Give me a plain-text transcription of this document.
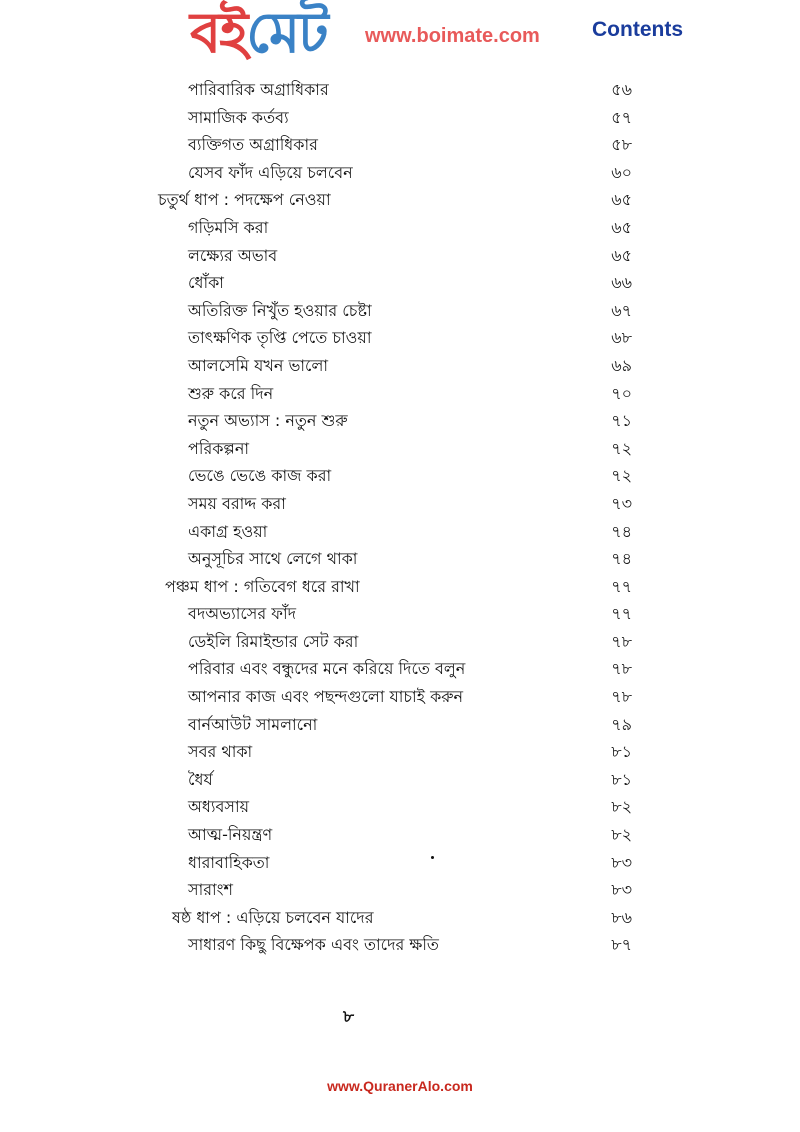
Contents
বইমেট www.boimate.com
পারিবারিক অগ্রাধিকার	৫৬
সামাজিক কর্তব্য	৫৭
ব্যক্তিগত অগ্রাধিকার	৫৮
যেসব ফাঁদ এড়িয়ে চলবেন	৬০
চতুর্থ ধাপ : পদক্ষেপ নেওয়া	৬৫
গড়িমসি করা	৬৫
লক্ষ্যের অভাব	৬৫
ধোঁকা	৬৬
অতিরিক্ত নিখুঁত হওয়ার চেষ্টা	৬৭
তাৎক্ষণিক তৃপ্তি পেতে চাওয়া	৬৮
আলসেমি যখন ভালো	৬৯
শুরু করে দিন	৭০
নতুন অভ্যাস : নতুন শুরু	৭১
পরিকল্পনা	৭২
ভেঙে ভেঙে কাজ করা	৭২
সময় বরাদ্দ করা	৭৩
একাগ্র হওয়া	৭৪
অনুসূচির সাথে লেগে থাকা	৭৪
পঞ্চম ধাপ : গতিবেগ ধরে রাখা	৭৭
বদঅভ্যাসের ফাঁদ	৭৭
ডেইলি রিমাইন্ডার সেট করা	৭৮
পরিবার এবং বন্ধুদের মনে করিয়ে দিতে বলুন	৭৮
আপনার কাজ এবং পছন্দগুলো যাচাই করুন	৭৮
বার্নআউট সামলানো	৭৯
সবর থাকা	৮১
ধৈর্য	৮১
অধ্যবসায়	৮২
আত্ম-নিয়ন্ত্রণ	৮২
ধারাবাহিকতা	৮৩
সারাংশ	৮৩
ষষ্ঠ ধাপ : এড়িয়ে চলবেন যাদের	৮৬
সাধারণ কিছু বিক্ষেপক এবং তাদের ক্ষতি	৮৭
৮
www.QuranerAlo.com
